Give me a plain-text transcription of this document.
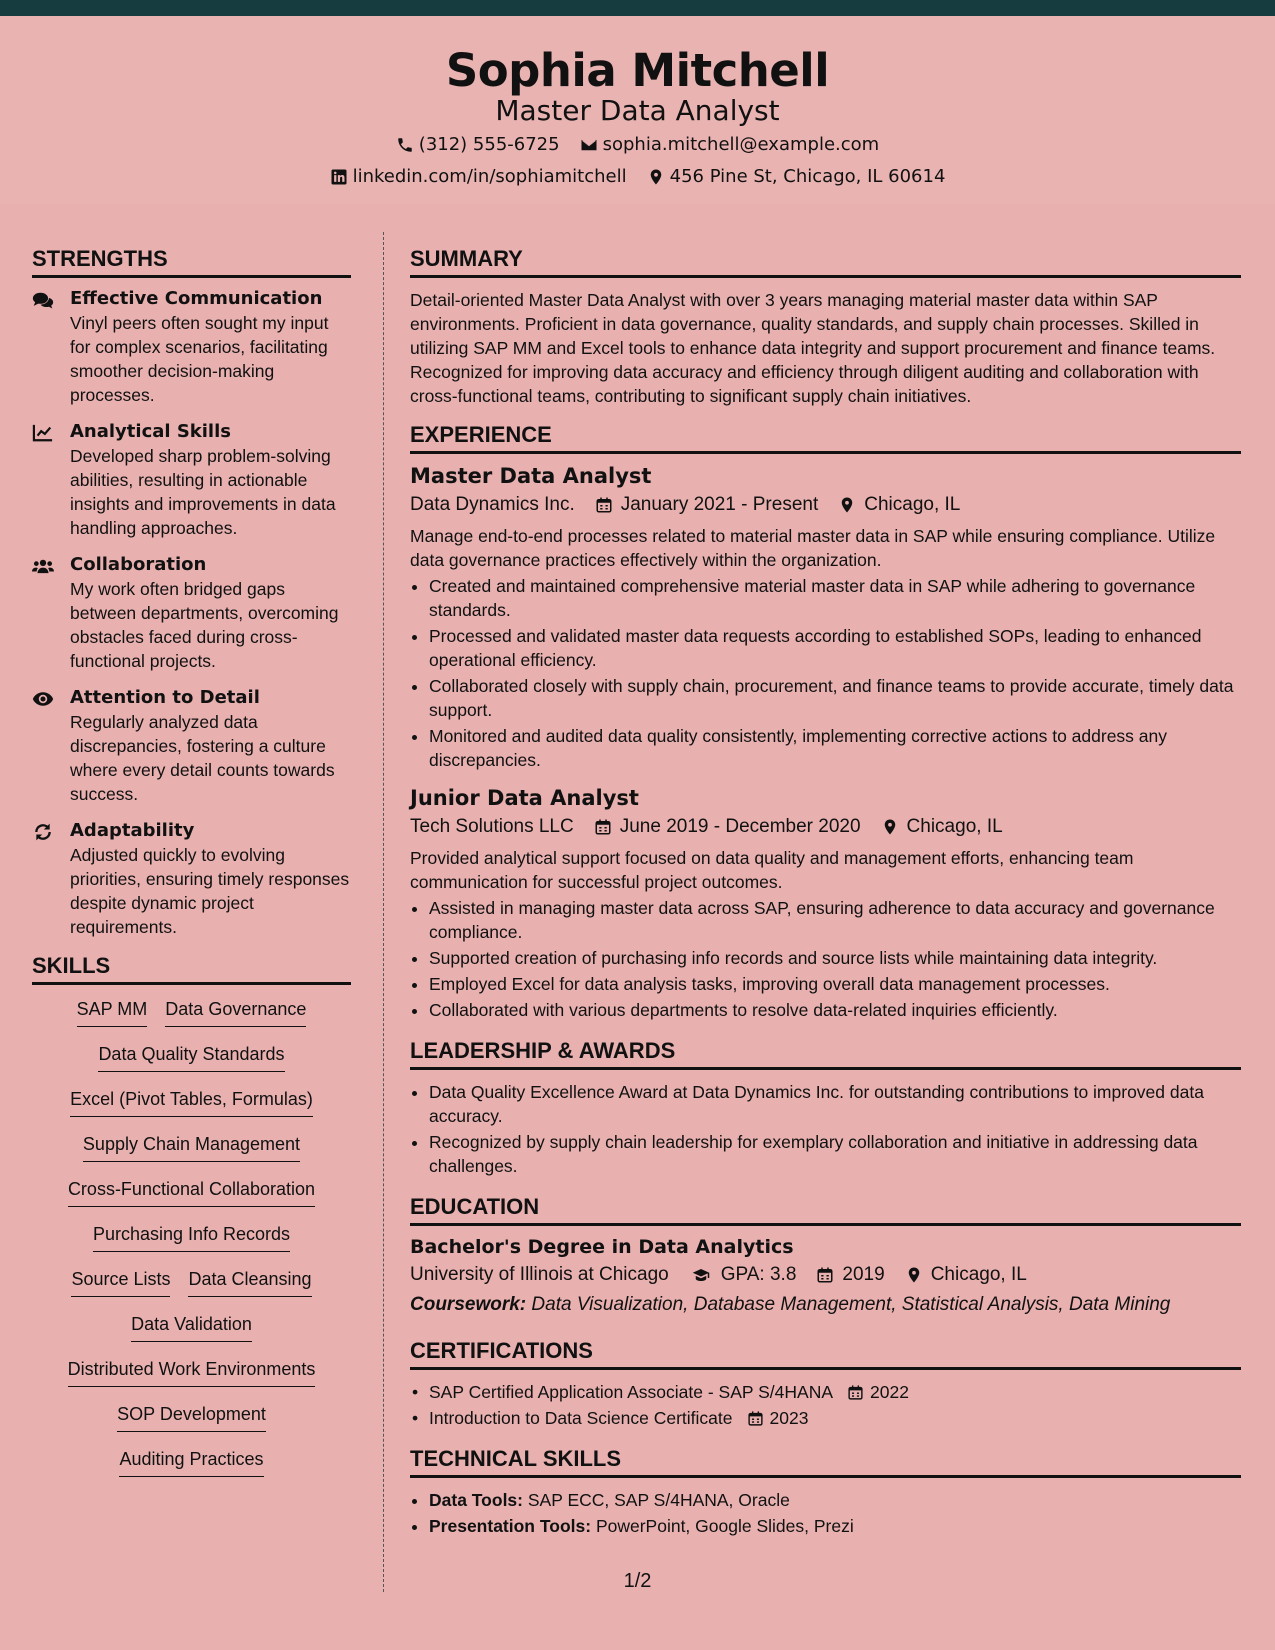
Sophia Mitchell
Master Data Analyst
(312) 555-6725 sophia.mitchell@example.com
linkedin.com/in/sophiamitchell 456 Pine St, Chicago, IL 60614
STRENGTHS
Effective Communication
Vinyl peers often sought my input for complex scenarios, facilitating smoother decision-making processes.
Analytical Skills
Developed sharp problem-solving abilities, resulting in actionable insights and improvements in data handling approaches.
Collaboration
My work often bridged gaps between departments, overcoming obstacles faced during cross-functional projects.
Attention to Detail
Regularly analyzed data discrepancies, fostering a culture where every detail counts towards success.
Adaptability
Adjusted quickly to evolving priorities, ensuring timely responses despite dynamic project requirements.
SKILLS
SAP MM Data Governance
Data Quality Standards
Excel (Pivot Tables, Formulas)
Supply Chain Management
Cross-Functional Collaboration
Purchasing Info Records
Source Lists Data Cleansing
Data Validation
Distributed Work Environments
SOP Development
Auditing Practices
SUMMARY

Detail-oriented Master Data Analyst with over 3 years managing material master data within SAP environments. Proficient in data governance, quality standards, and supply chain processes. Skilled in utilizing SAP MM and Excel tools to enhance data integrity and support procurement and finance teams. Recognized for improving data accuracy and efficiency through diligent auditing and collaboration with cross-functional teams, contributing to significant supply chain initiatives.

EXPERIENCE
Master Data Analyst
Data Dynamics Inc. January 2021 - Present Chicago, IL
Manage end-to-end processes related to material master data in SAP while ensuring compliance. Utilize data governance practices effectively within the organization.
• Created and maintained comprehensive material master data in SAP while adhering to governance standards.
• Processed and validated master data requests according to established SOPs, leading to enhanced operational efficiency.
• Collaborated closely with supply chain, procurement, and finance teams to provide accurate, timely data support.
• Monitored and audited data quality consistently, implementing corrective actions to address any discrepancies.
Junior Data Analyst
Tech Solutions LLC June 2019 - December 2020 Chicago, IL
Provided analytical support focused on data quality and management efforts, enhancing team communication for successful project outcomes.
• Assisted in managing master data across SAP, ensuring adherence to data accuracy and governance compliance.
• Supported creation of purchasing info records and source lists while maintaining data integrity.
• Employed Excel for data analysis tasks, improving overall data management processes.
• Collaborated with various departments to resolve data-related inquiries efficiently.
LEADERSHIP & AWARDS
• Data Quality Excellence Award at Data Dynamics Inc. for outstanding contributions to improved data accuracy.
• Recognized by supply chain leadership for exemplary collaboration and initiative in addressing data challenges.
EDUCATION
Bachelor's Degree in Data Analytics
University of Illinois at Chicago	GPA: 3.8 2019 Chicago, IL
Coursework: Data Visualization, Database Management, Statistical Analysis, Data Mining
CERTIFICATIONS
• SAP Certified Application Associate - SAP S/4HANA 2022
• Introduction to Data Science Certificate 2023
TECHNICAL SKILLS
• Data Tools: SAP ECC, SAP S/4HANA, Oracle
• Presentation Tools: PowerPoint, Google Slides, Prezi
1/2
